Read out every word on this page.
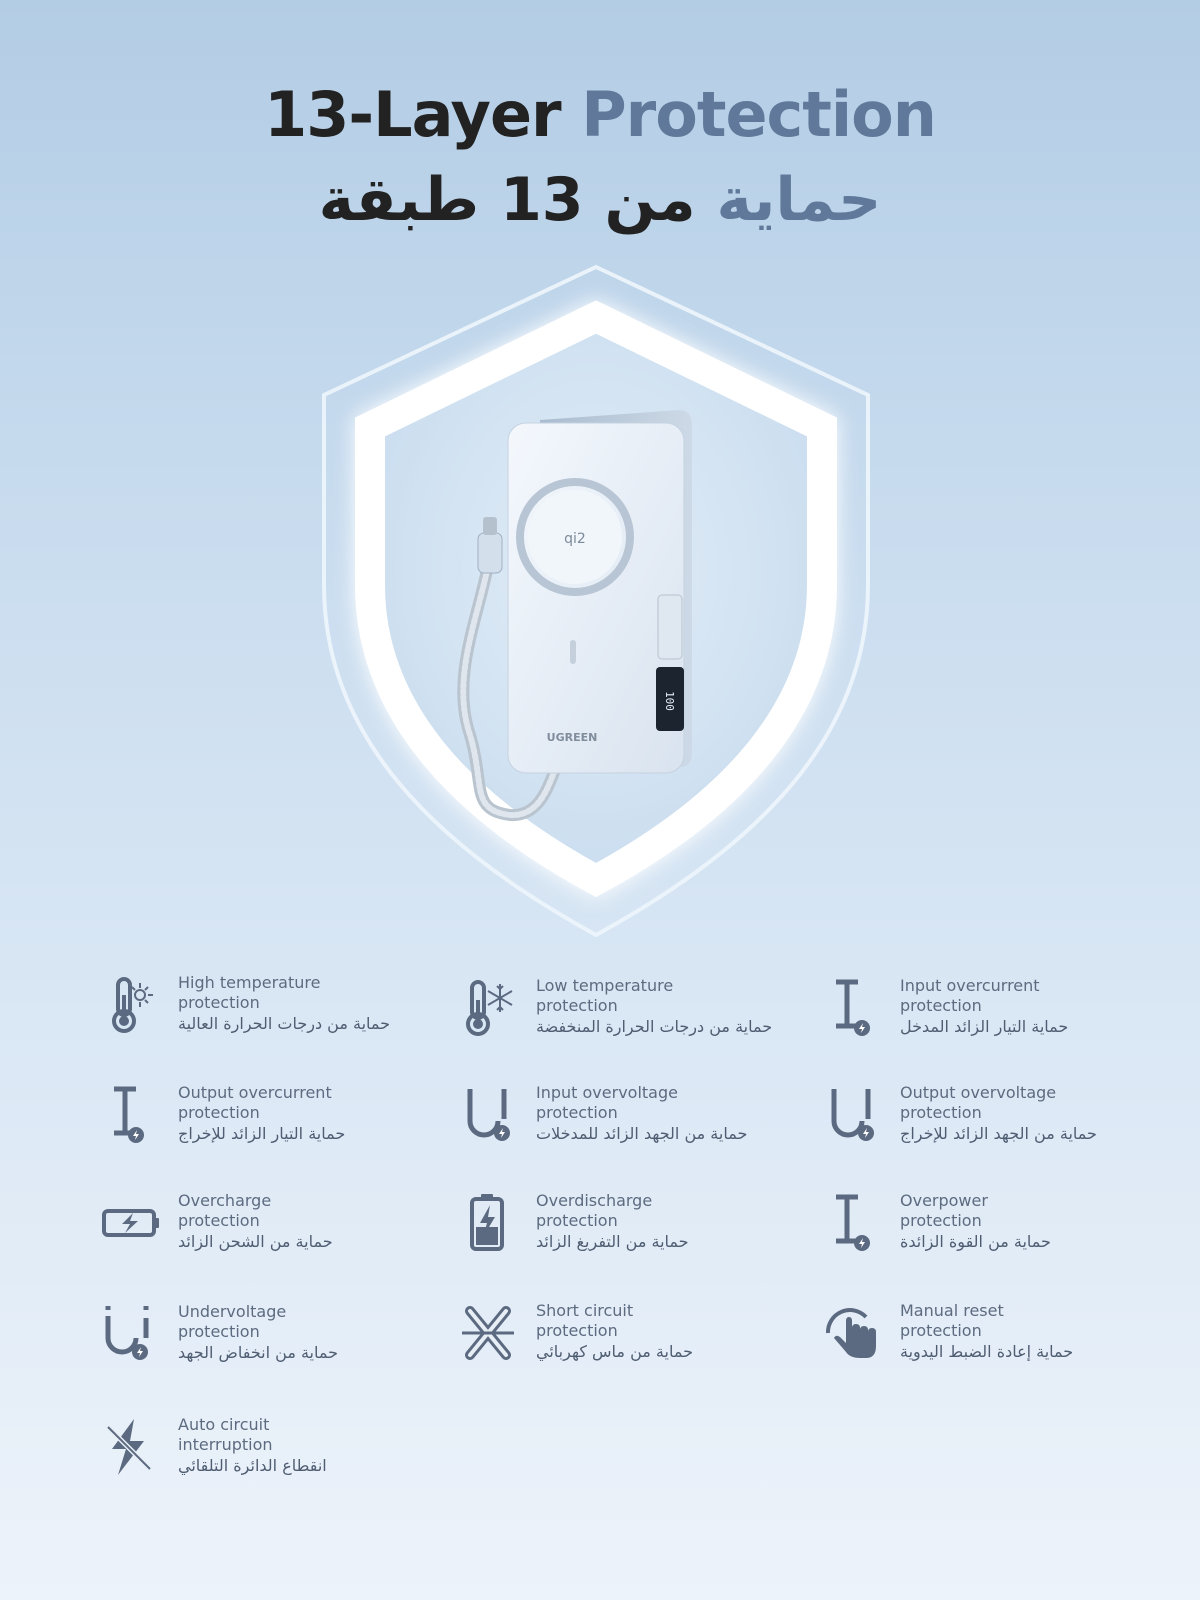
13-Layer Protection
حماية من 13 طبقة
qi2
100
UGREEN
High temperature
protection
حماية من درجات الحرارة العالية
Low temperature
protection
حماية من درجات الحرارة المنخفضة
Input overcurrent
protection
حماية التيار الزائد المدخل
Output overcurrent
protection
حماية التيار الزائد للإخراج
Input overvoltage
protection
حماية من الجهد الزائد للمدخلات
Output overvoltage
protection
حماية من الجهد الزائد للإخراج
Overcharge
protection
حماية من الشحن الزائد
Overdischarge
protection
حماية من التفريغ الزائد
Overpower
protection
حماية من القوة الزائدة
Undervoltage
protection
حماية من انخفاض الجهد
Short circuit
protection
حماية من ماس كهربائي
Manual reset
protection
حماية إعادة الضبط اليدوية
Auto circuit
interruption
انقطاع الدائرة التلقائي
